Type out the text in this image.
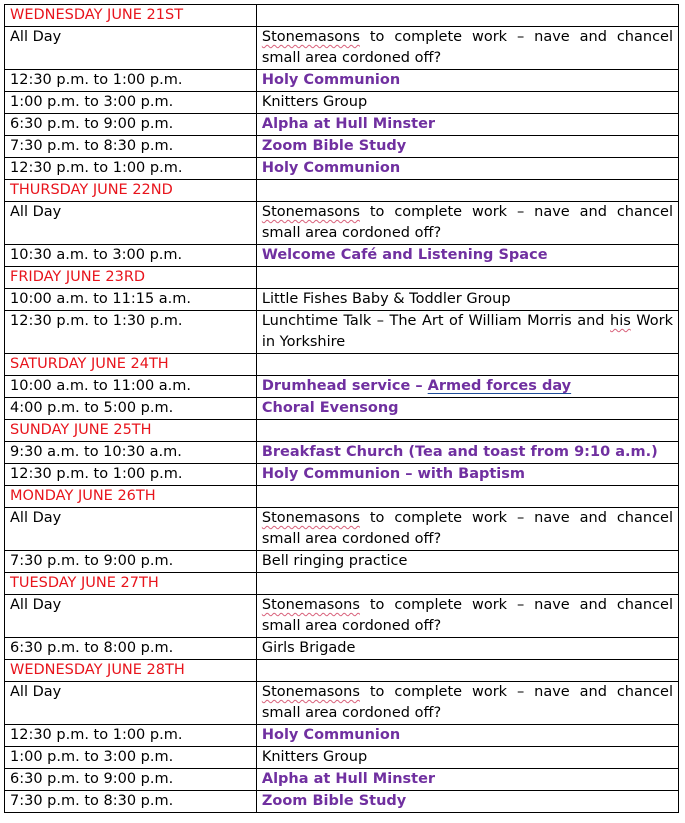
WEDNESDAY JUNE 21ST	
All Day	Stonemasons to complete work – nave and chancel small area cordoned off?
12:30 p.m. to 1:00 p.m.	Holy Communion
1:00 p.m. to 3:00 p.m.	Knitters Group
6:30 p.m. to 9:00 p.m.	Alpha at Hull Minster
7:30 p.m. to 8:30 p.m.	Zoom Bible Study
12:30 p.m. to 1:00 p.m.	Holy Communion
THURSDAY JUNE 22ND	
All Day	Stonemasons to complete work – nave and chancel small area cordoned off?
10:30 a.m. to 3:00 p.m.	Welcome Café and Listening Space
FRIDAY JUNE 23RD	
10:00 a.m. to 11:15 a.m.	Little Fishes Baby & Toddler Group
12:30 p.m. to 1:30 p.m.	Lunchtime Talk – The Art of William Morris and his Work in Yorkshire
SATURDAY JUNE 24TH	
10:00 a.m. to 11:00 a.m.	Drumhead service – Armed forces day
4:00 p.m. to 5:00 p.m.	Choral Evensong
SUNDAY JUNE 25TH	
9:30 a.m. to 10:30 a.m.	Breakfast Church (Tea and toast from 9:10 a.m.)
12:30 p.m. to 1:00 p.m.	Holy Communion – with Baptism
MONDAY JUNE 26TH	
All Day	Stonemasons to complete work – nave and chancel small area cordoned off?
7:30 p.m. to 9:00 p.m.	Bell ringing practice
TUESDAY JUNE 27TH	
All Day	Stonemasons to complete work – nave and chancel small area cordoned off?
6:30 p.m. to 8:00 p.m.	Girls Brigade
WEDNESDAY JUNE 28TH	
All Day	Stonemasons to complete work – nave and chancel small area cordoned off?
12:30 p.m. to 1:00 p.m.	Holy Communion
1:00 p.m. to 3:00 p.m.	Knitters Group
6:30 p.m. to 9:00 p.m.	Alpha at Hull Minster
7:30 p.m. to 8:30 p.m.	Zoom Bible Study
